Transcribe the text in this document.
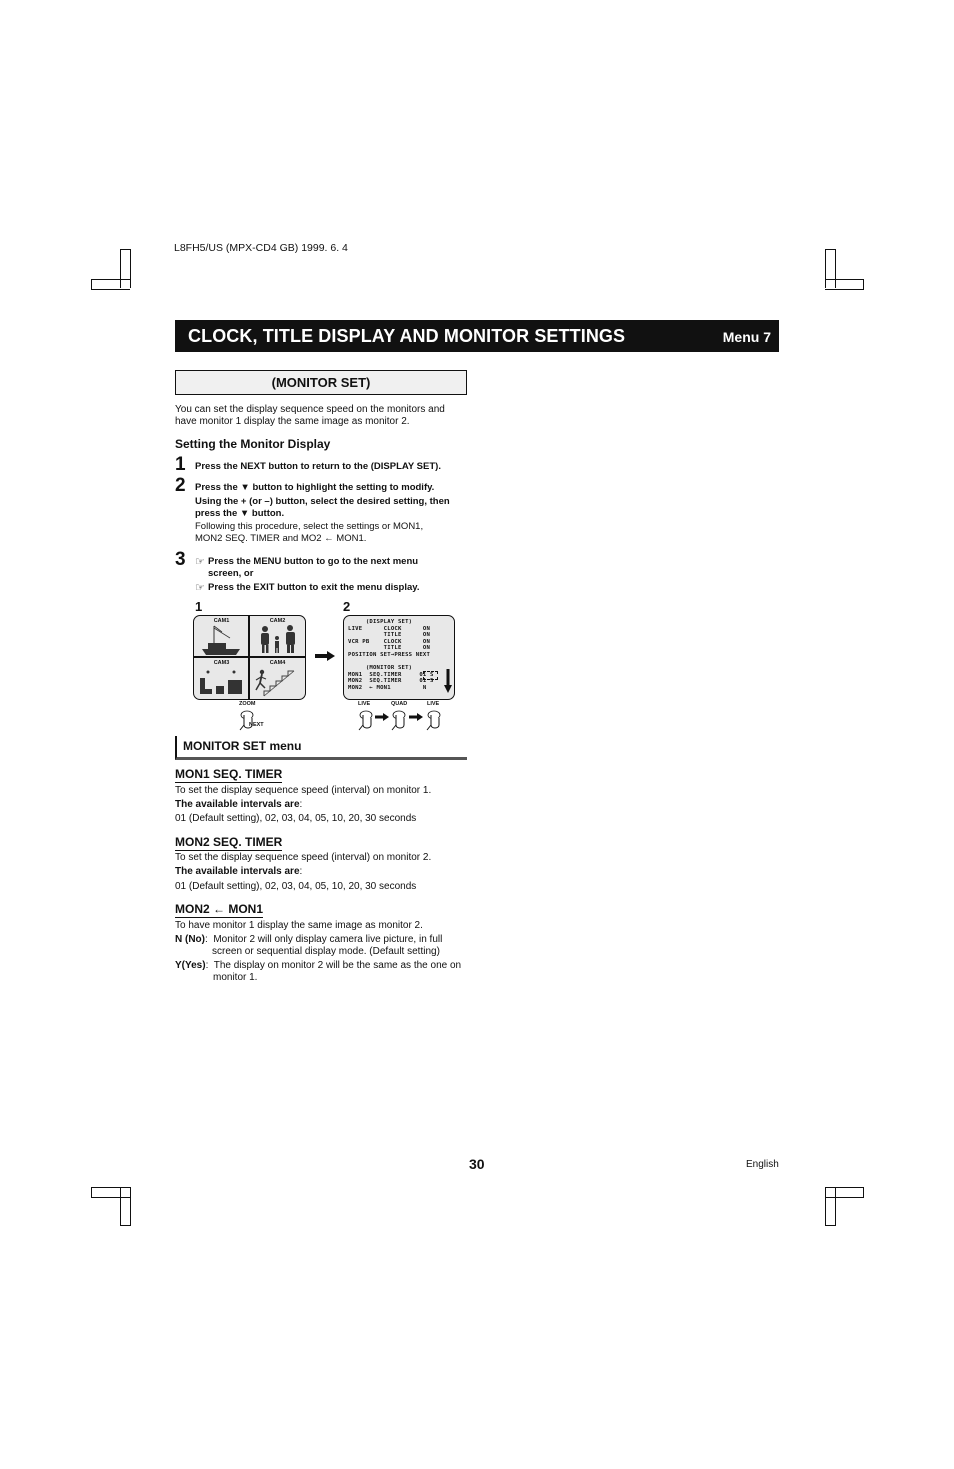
L8FH5/US (MPX-CD4 GB) 1999. 6. 4
CLOCK, TITLE DISPLAY AND MONITOR SETTINGS	Menu 7
(MONITOR SET)
You can set the display sequence speed on the monitors and have monitor 1 display the same image as monitor 2.
Setting the Monitor Display
1 Press the NEXT button to return to the (DISPLAY SET).
2 Press the ▼ button to highlight the setting to modify.
Using the + (or –) button, select the desired setting, then press the ▼ button.
Following this procedure, select the settings or MON1, MON2 SEQ. TIMER and MO2 ← MON1.
3 ☞ Press the MENU button to go to the next menu screen, or
☞ Press the EXIT button to exit the menu display.
1	2
CAM1	CAM2
CAM3	CAM4
(DISPLAY SET)
LIVE      CLOCK      ON
TITLE      ON
VCR PB    CLOCK      ON
TITLE      ON
POSITION SET→PRESS NEXT
(MONITOR SET)
MON1  SEQ.TIMER     01 S
MON2  SEQ.TIMER     01 S
MON2  ← MON1         N
ZOOM
NEXT
LIVE	QUAD	LIVE
MONITOR SET menu
MON1 SEQ. TIMER
To set the display sequence speed (interval) on monitor 1.
The available intervals are:
01 (Default setting), 02, 03, 04, 05, 10, 20, 30 seconds
MON2 SEQ. TIMER
To set the display sequence speed (interval) on monitor 2.
The available intervals are:
01 (Default setting), 02, 03, 04, 05, 10, 20, 30 seconds
MON2 ← MON1
To have monitor 1 display the same image as monitor 2.
N (No):  Monitor 2 will only display camera live picture, in full
screen or sequential display mode. (Default setting)
Y(Yes):  The display on monitor 2 will be the same as the one on
monitor 1.
30	English
